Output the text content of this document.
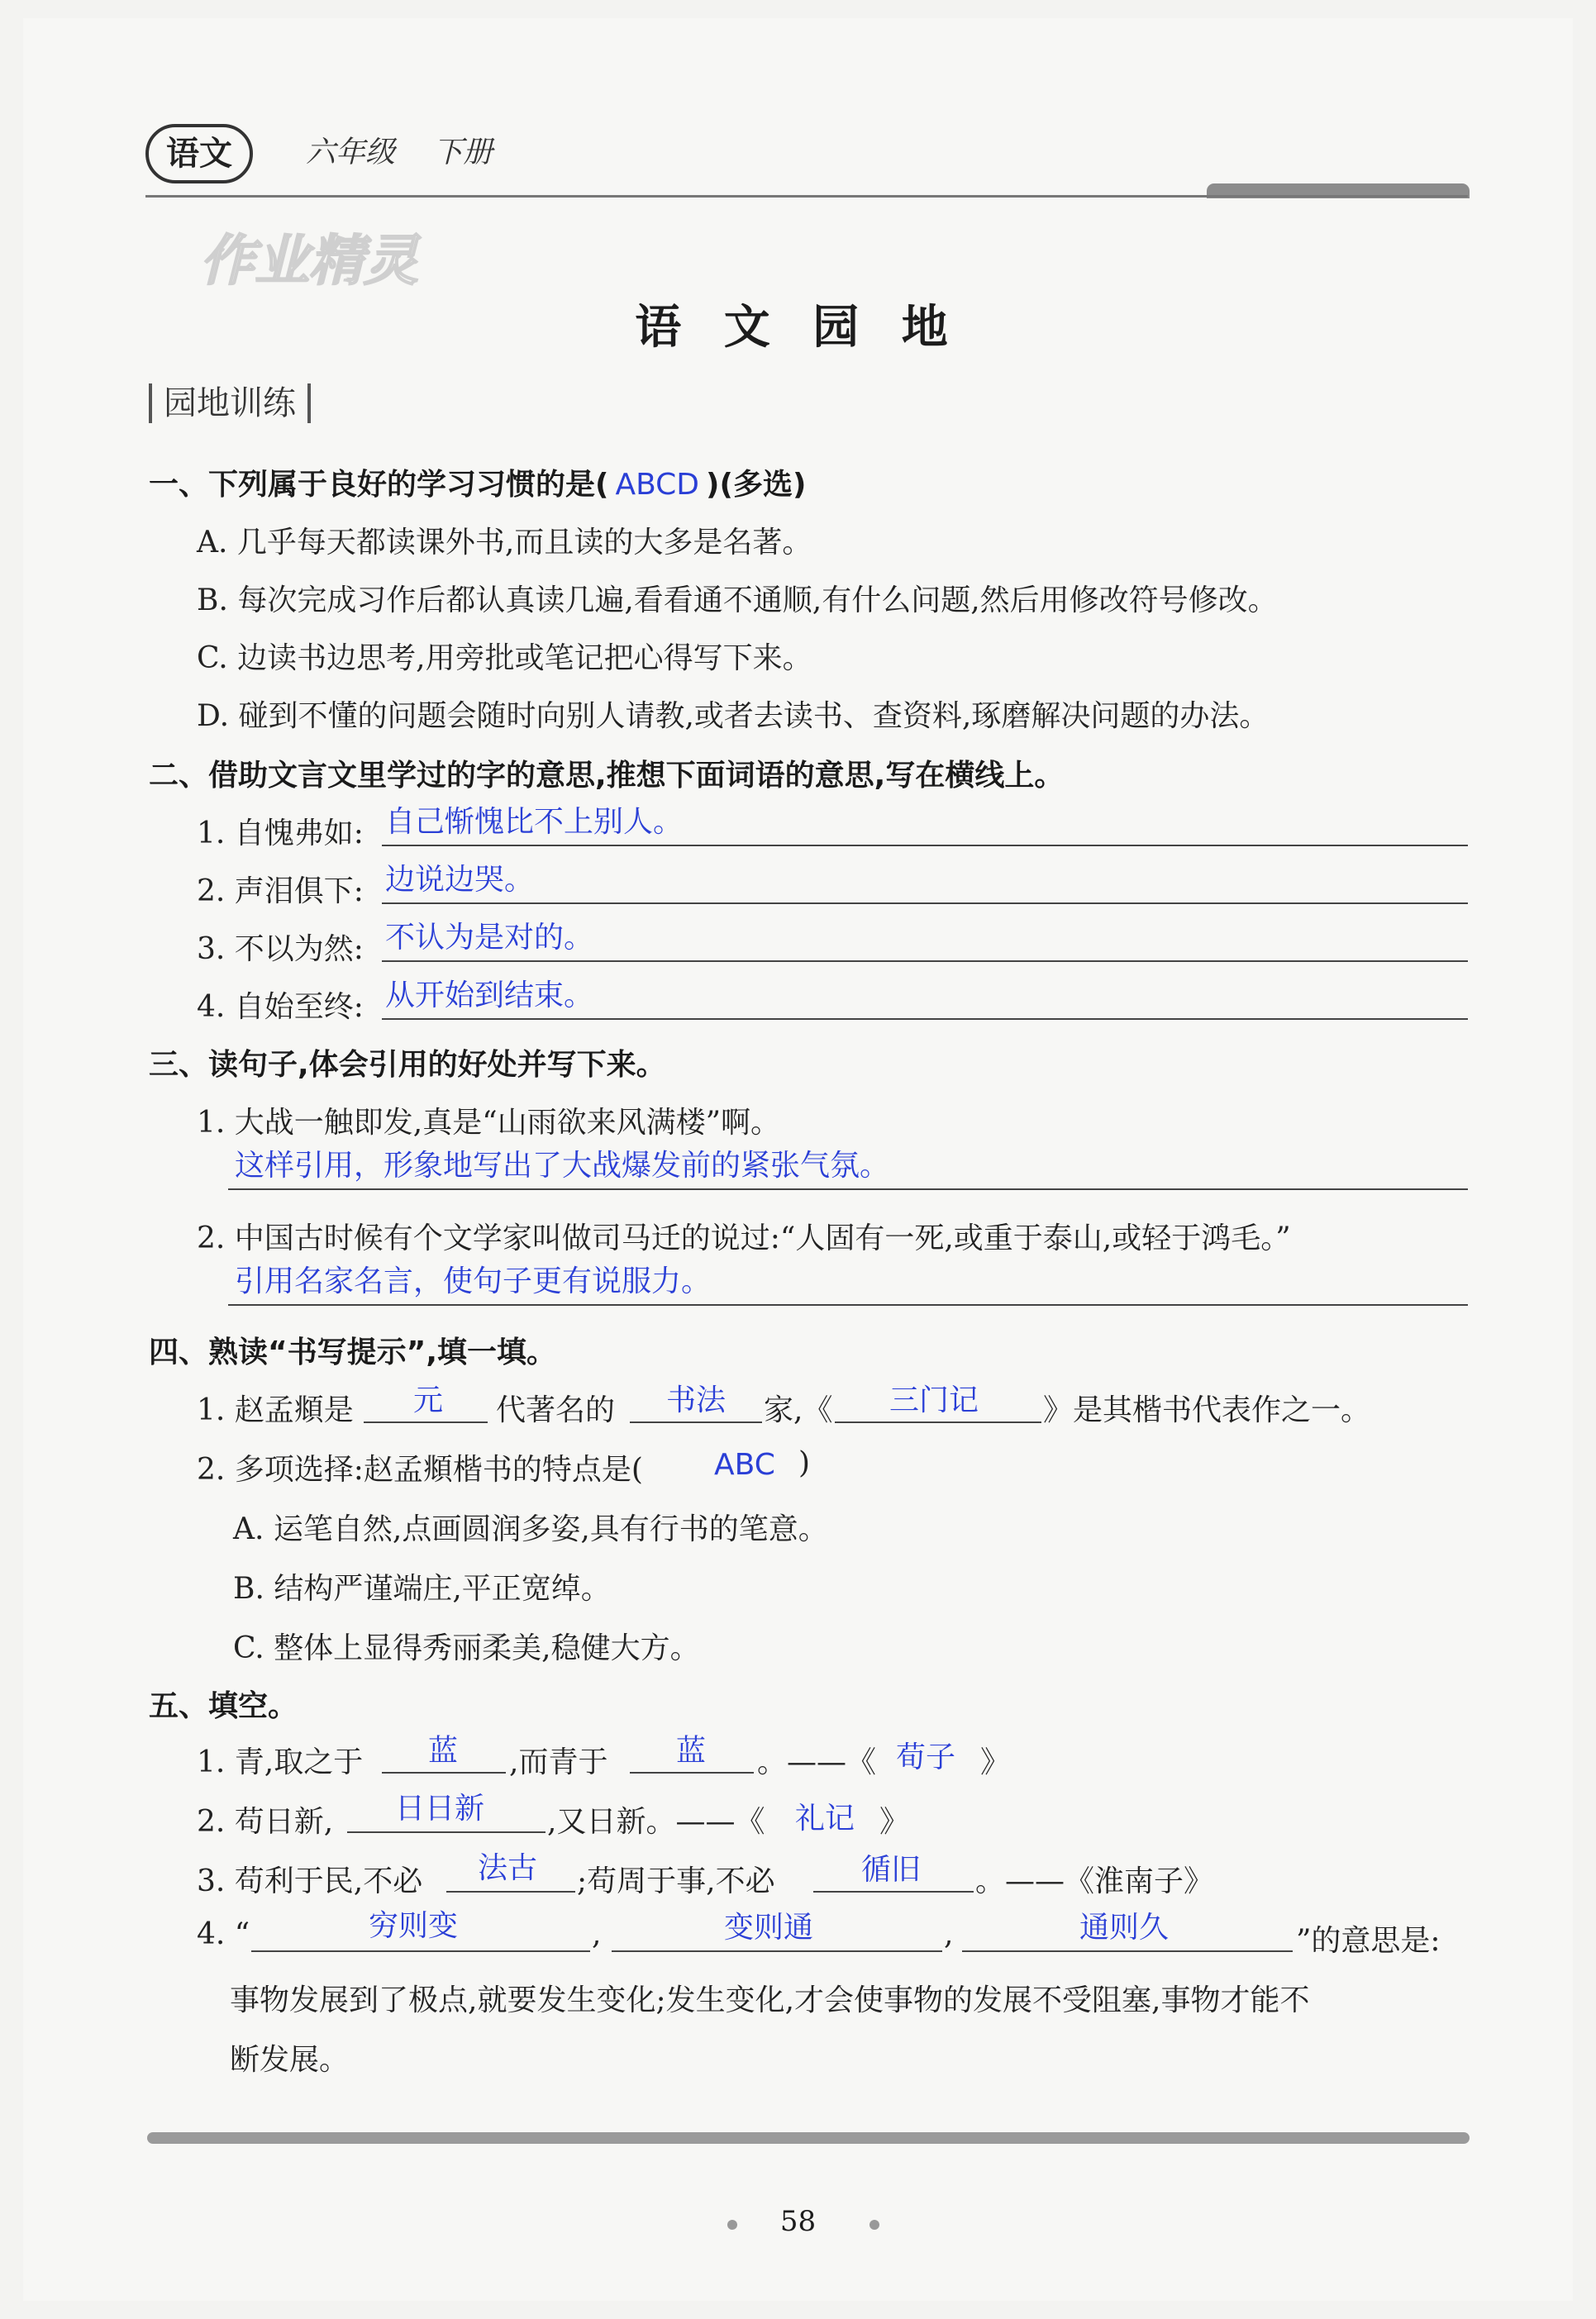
语文	六年级 下册
作业精灵
语 文 园 地
园地训练
一、下列属于良好的学习习惯的是( ABCD )(多选)
A. 几乎每天都读课外书,而且读的大多是名著。
B. 每次完成习作后都认真读几遍,看看通不通顺,有什么问题,然后用修改符号修改。
C. 边读书边思考,用旁批或笔记把心得写下来。
D. 碰到不懂的问题会随时向别人请教,或者去读书、查资料,琢磨解决问题的办法。
二、借助文言文里学过的字的意思,推想下面词语的意思,写在横线上。
1. 自愧弗如: 自己惭愧比不上别人。
2. 声泪俱下: 边说边哭。
3. 不以为然: 不认为是对的。
4. 自始至终: 从开始到结束。
三、读句子,体会引用的好处并写下来。
1. 大战一触即发,真是“山雨欲来风满楼”啊。
这样引用，形象地写出了大战爆发前的紧张气氛。
2. 中国古时候有个文学家叫做司马迁的说过:“人固有一死,或重于泰山,或轻于鸿毛。”
引用名家名言，使句子更有说服力。
四、熟读“书写提示”,填一填。
1. 赵孟頫是 元 代著名的 书法 家,《 三门记 》是其楷书代表作之一。
2. 多项选择:赵孟頫楷书的特点是( ABC )
A. 运笔自然,点画圆润多姿,具有行书的笔意。
B. 结构严谨端庄,平正宽绰。
C. 整体上显得秀丽柔美,稳健大方。
五、填空。
1. 青,取之于 蓝 ,而青于 蓝 。——《 荀子 》
2. 苟日新, 日日新 ,又日新。——《 礼记 》
3. 苟利于民,不必 法古 ;苟周于事,不必	循旧 。——《淮南子》
4. “	穷则变	,	变则通	,	通则久	”的意思是:
事物发展到了极点,就要发生变化;发生变化,才会使事物的发展不受阻塞,事物才能不
断发展。
58
